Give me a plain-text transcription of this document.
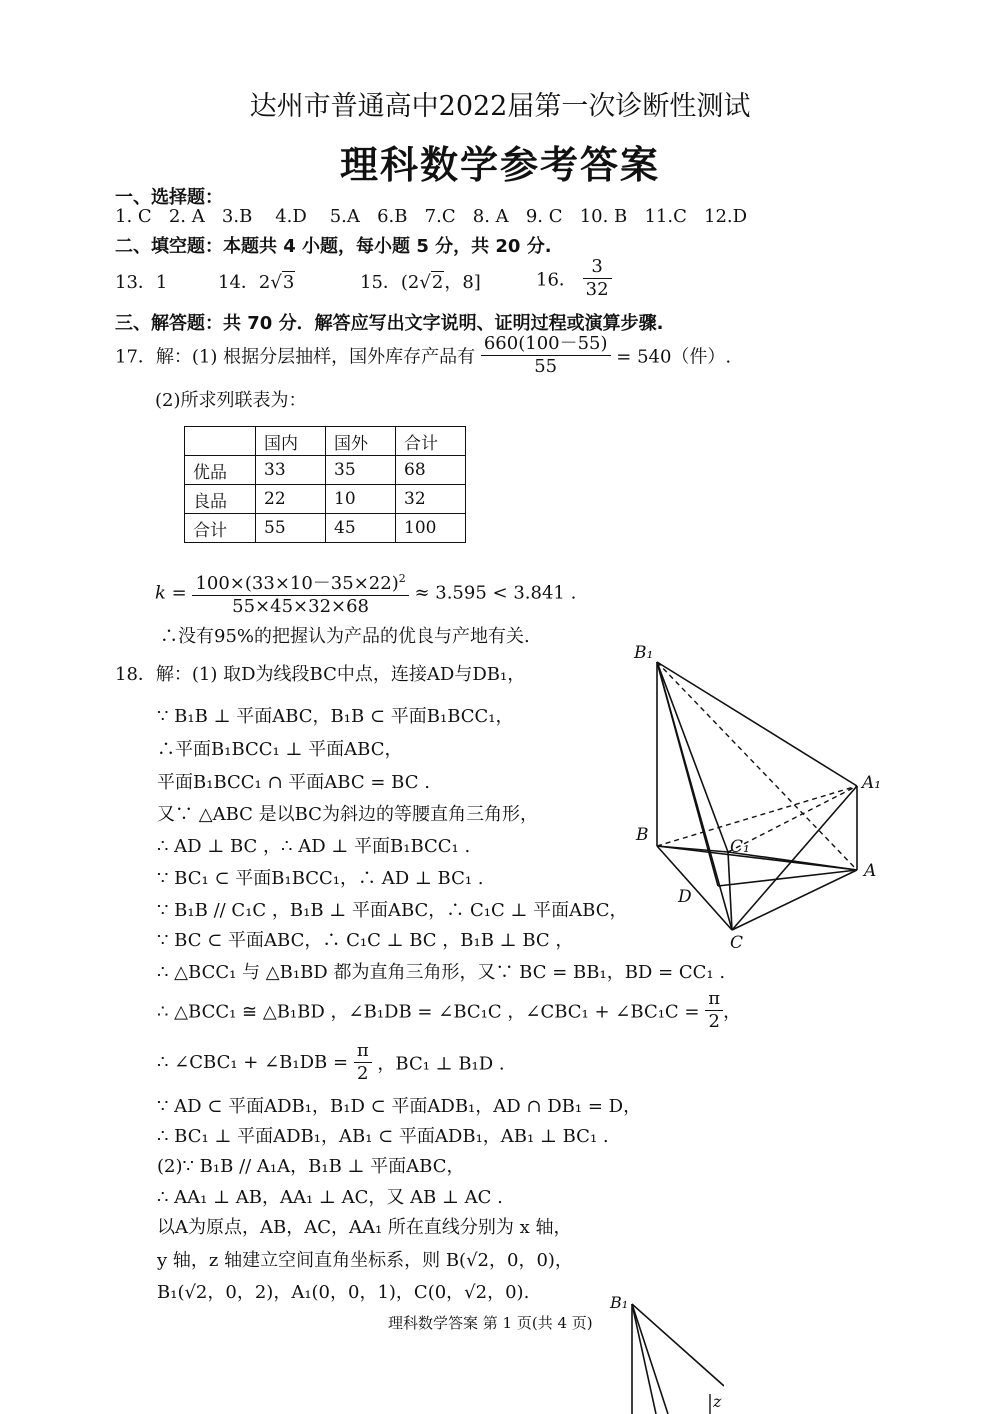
达州市普通高中2022届第一次诊断性测试
理科数学参考答案
一、选择题：
1. C 2. A 3.B 4.D 5.A 6.B 7.C 8. A 9. C 10. B 11.C 12.D
二、填空题：本题共 4 小题，每小题 5 分，共 20 分.
13．1	14．2√3	15．(2√2，8]	16． $\frac{3}{32}$
三、解答题：共 70 分．解答应写出文字说明、证明过程或演算步骤.
17．解：(1) 根据分层抽样，国外库存产品有 $\frac{660(100-55)}{55} = 540$（件）.
(2)所求列联表为：
	国内	国外	合计
优品	33	35	68
良品	22	10	32
合计	55	45	100
$k = \frac{100\times(33\times 10-35\times 22)^2}{55\times 45\times 32\times 68} \approx 3.595 < 3.841$ .
∴没有95%的把握认为产品的优良与产地有关.
18．解：(1) 取D为线段BC中点，连接AD与DB₁，
∵ B₁B ⊥ 平面ABC，B₁B ⊂ 平面B₁BCC₁，
∴平面B₁BCC₁ ⊥ 平面ABC，
平面B₁BCC₁ ∩ 平面ABC = BC .
又∵ △ABC 是以BC为斜边的等腰直角三角形，
∴ AD ⊥ BC ，∴ AD ⊥ 平面B₁BCC₁ .
∵ BC₁ ⊂ 平面B₁BCC₁，∴ AD ⊥ BC₁ .
∵ B₁B // C₁C ，B₁B ⊥ 平面ABC，∴ C₁C ⊥ 平面ABC，
∵ BC ⊂ 平面ABC，∴ C₁C ⊥ BC ，B₁B ⊥ BC ，
∴ △BCC₁ 与 △B₁BD 都为直角三角形，又∵ BC = BB₁，BD = CC₁ .
∴ △BCC₁ ≅ △B₁BD ，∠B₁DB = ∠BC₁C ，∠CBC₁ + ∠BC₁C = $\frac{\pi}{2}$ ，
∴ ∠CBC₁ + ∠B₁DB = $\frac{\pi}{2}$ ，BC₁ ⊥ B₁D .
∵ AD ⊂ 平面ADB₁，B₁D ⊂ 平面ADB₁，AD ∩ DB₁ = D，
∴ BC₁ ⊥ 平面ADB₁，AB₁ ⊂ 平面ADB₁，AB₁ ⊥ BC₁ .
(2)∵ B₁B // A₁A，B₁B ⊥ 平面ABC，
∴ AA₁ ⊥ AB，AA₁ ⊥ AC，又 AB ⊥ AC .
以A为原点，AB，AC，AA₁ 所在直线分别为 x 轴，
y 轴，z 轴建立空间直角坐标系，则 B(√2，0，0)，
B₁(√2，0，2)，A₁(0，0，1)，C(0，√2，0).
B₁
A₁
B
C₁
A
D
C
理科数学答案 第 1 页(共 4 页)
B₁
z
